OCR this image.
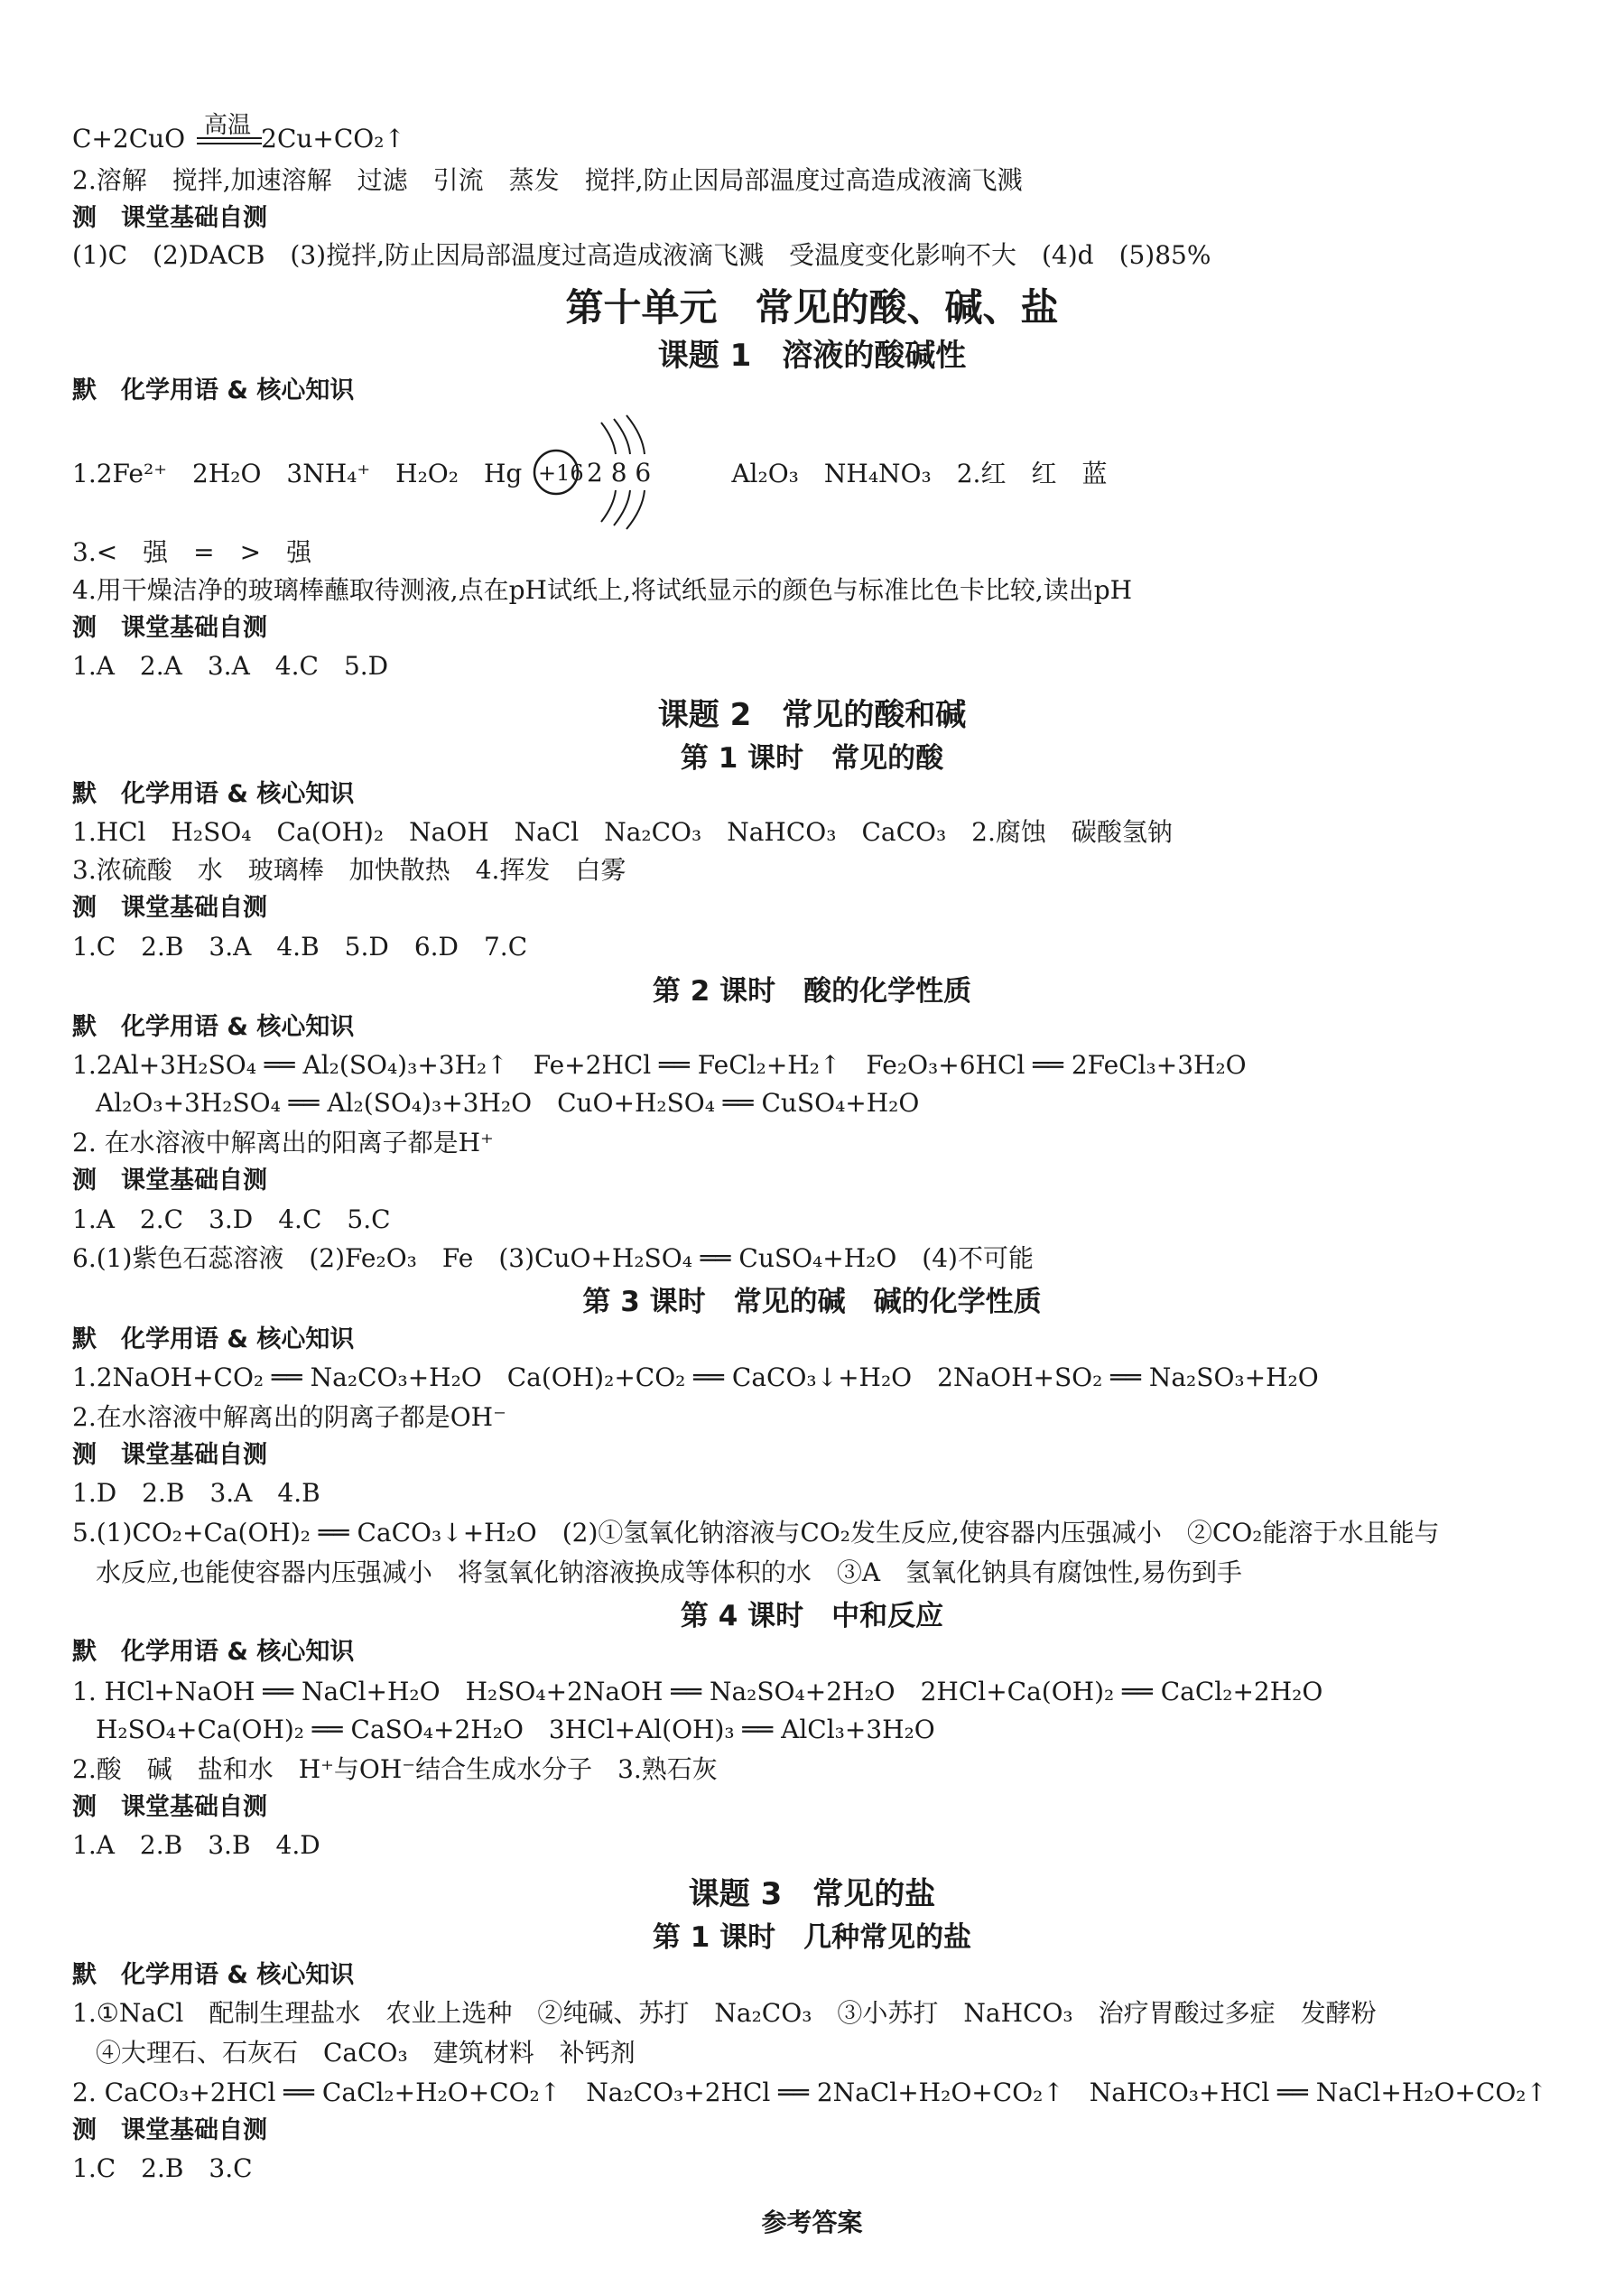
C+2CuO	2Cu+CO₂↑
高温
2.溶解　搅拌,加速溶解　过滤　引流　蒸发　搅拌,防止因局部温度过高造成液滴飞溅
测　课堂基础自测
(1)C　(2)DACB　(3)搅拌,防止因局部温度过高造成液滴飞溅　受温度变化影响不大　(4)d　(5)85%
第十单元　常见的酸、碱、盐
课题 1　溶液的酸碱性
默　化学用语 & 核心知识
1.2Fe²⁺　2H₂O　3NH₄⁺　H₂O₂　Hg	Al₂O₃　NH₄NO₃　2.红　红　蓝
+16 2 8 6
3.<　强　=　>　强
4.用干燥洁净的玻璃棒蘸取待测液,点在pH试纸上,将试纸显示的颜色与标准比色卡比较,读出pH
测　课堂基础自测
1.A　2.A　3.A　4.C　5.D
课题 2　常见的酸和碱
第 1 课时　常见的酸
默　化学用语 & 核心知识
1.HCl　H₂SO₄　Ca(OH)₂　NaOH　NaCl　Na₂CO₃　NaHCO₃　CaCO₃　2.腐蚀　碳酸氢钠
3.浓硫酸　水　玻璃棒　加快散热　4.挥发　白雾
测　课堂基础自测
1.C　2.B　3.A　4.B　5.D　6.D　7.C
第 2 课时　酸的化学性质
默　化学用语 & 核心知识
1.2Al+3H₂SO₄ ══ Al₂(SO₄)₃+3H₂↑　Fe+2HCl ══ FeCl₂+H₂↑　Fe₂O₃+6HCl ══ 2FeCl₃+3H₂O
Al₂O₃+3H₂SO₄ ══ Al₂(SO₄)₃+3H₂O　CuO+H₂SO₄ ══ CuSO₄+H₂O
2. 在水溶液中解离出的阳离子都是H⁺
测　课堂基础自测
1.A　2.C　3.D　4.C　5.C
6.(1)紫色石蕊溶液　(2)Fe₂O₃　Fe　(3)CuO+H₂SO₄ ══ CuSO₄+H₂O　(4)不可能
第 3 课时　常见的碱　碱的化学性质
默　化学用语 & 核心知识
1.2NaOH+CO₂ ══ Na₂CO₃+H₂O　Ca(OH)₂+CO₂ ══ CaCO₃↓+H₂O　2NaOH+SO₂ ══ Na₂SO₃+H₂O
2.在水溶液中解离出的阴离子都是OH⁻
测　课堂基础自测
1.D　2.B　3.A　4.B
5.(1)CO₂+Ca(OH)₂ ══ CaCO₃↓+H₂O　(2)①氢氧化钠溶液与CO₂发生反应,使容器内压强减小　②CO₂能溶于水且能与
水反应,也能使容器内压强减小　将氢氧化钠溶液换成等体积的水　③A　氢氧化钠具有腐蚀性,易伤到手
第 4 课时　中和反应
默　化学用语 & 核心知识
1. HCl+NaOH ══ NaCl+H₂O　H₂SO₄+2NaOH ══ Na₂SO₄+2H₂O　2HCl+Ca(OH)₂ ══ CaCl₂+2H₂O
H₂SO₄+Ca(OH)₂ ══ CaSO₄+2H₂O　3HCl+Al(OH)₃ ══ AlCl₃+3H₂O
2.酸　碱　盐和水　H⁺与OH⁻结合生成水分子　3.熟石灰
测　课堂基础自测
1.A　2.B　3.B　4.D
课题 3　常见的盐
第 1 课时　几种常见的盐
默　化学用语 & 核心知识
1.①NaCl　配制生理盐水　农业上选种　②纯碱、苏打　Na₂CO₃　③小苏打　NaHCO₃　治疗胃酸过多症　发酵粉
④大理石、石灰石　CaCO₃　建筑材料　补钙剂
2. CaCO₃+2HCl ══ CaCl₂+H₂O+CO₂↑　Na₂CO₃+2HCl ══ 2NaCl+H₂O+CO₂↑　NaHCO₃+HCl ══ NaCl+H₂O+CO₂↑
测　课堂基础自测
1.C　2.B　3.C
参考答案
